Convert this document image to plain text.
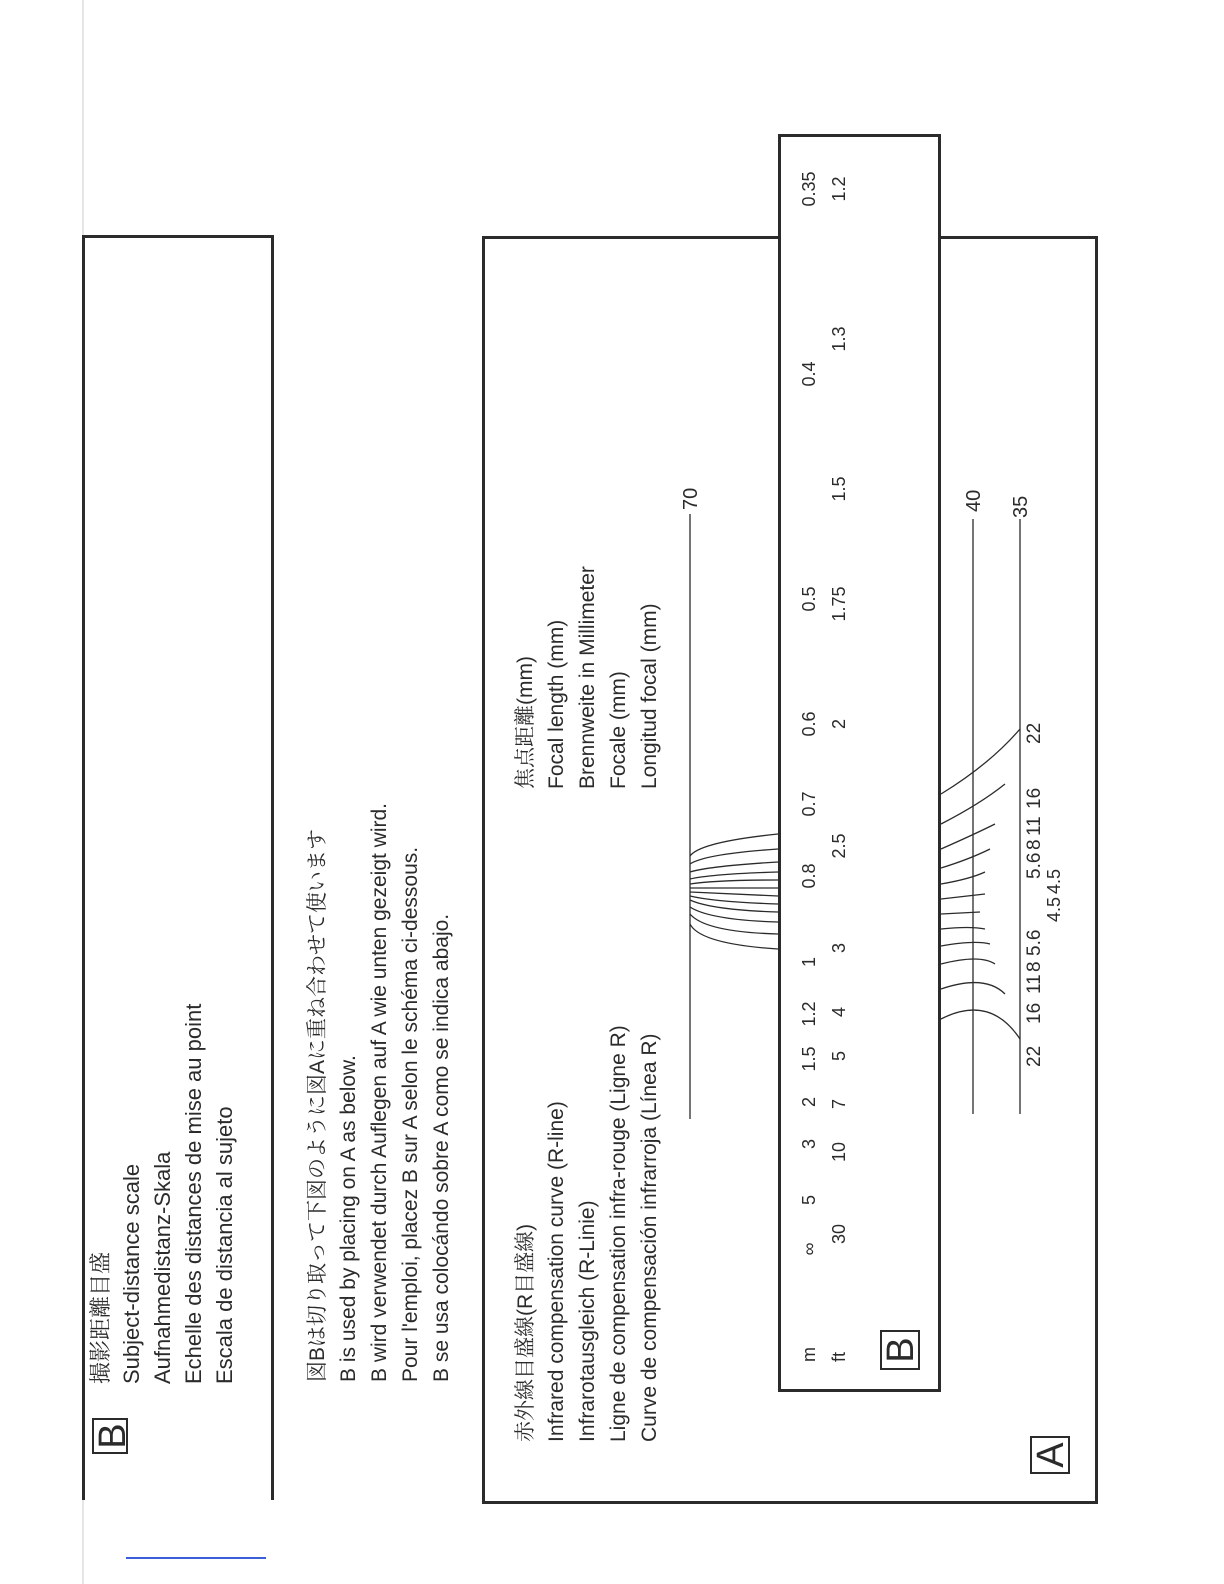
B
撮影距離目盛 Subject-distance scale Aufnahmedistanz-Skala Echelle des distances de mise au point Escala de distancia al sujeto	図Bは切り取って下図のように図Aに重ね合わせて使います B is used by placing on A as below. B wird verwendet durch Auflegen auf A wie unten gezeigt wird. Pour l'emploi, placez B sur A selon le schéma ci-dessous. B se usa colocándo sobre A como se indica abajo.
A
赤外線目盛線(R目盛線) Infrared compensation curve (R-line) Infrarotausgleich (R-Linie) Ligne de compensation infra-rouge (Ligne R) Curve de compensación infrarroja (Línea R)
焦点距離(mm) Focal length (mm) Brennweite in Millimeter Focale (mm) Longitud focal (mm)
70	40 35
22
16
11
8
5.6
4.5
4.5
5.6
8
11
16
22
B
m ft
∞
5
3
2
1.5
1.2
1
0.8
0.7
0.6
0.5
0.4
0.35
30
10
7
5
4
3
2.5
2
1.75
1.5
1.3
1.2
